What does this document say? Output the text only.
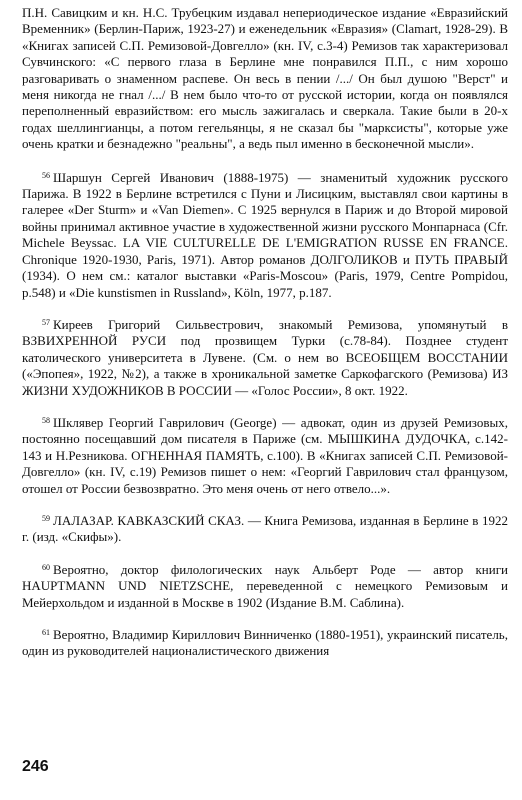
П.Н. Савицким и кн. Н.С. Трубецким издавал непериодическое издание «Евразийский Временник» (Берлин-Париж, 1923-27) и еженедельник «Евразия» (Clamart, 1928-29). В «Книгах записей С.П. Ремизовой-Довгелло» (кн. IV, с.3-4) Ремизов так характеризовал Сувчинского: «С первого глаза в Берлине мне понравился П.П., с ним хорошо разговаривать о знаменном распеве. Он весь в пении /.../ Он был душою "Верст" и меня никогда не гнал /.../ В нем было что-то от русской истории, когда он появлялся переполненный евразийством: его мысль зажигалась и сверкала. Такие были в 20-х годах шеллингианцы, а потом гегельянцы, я не сказал бы "марксисты", которые уже очень кратки и безнадежно "реальны", а ведь пыл именно в бесконечной мысли».

$^{56}$ Шаршун Сергей Иванович (1888-1975) — знаменитый художник русского Парижа. В 1922 в Берлине встретился с Пуни и Лисицким, выставлял свои картины в галерее «Der Sturm» и «Van Diemen». С 1925 вернулся в Париж и до Второй мировой войны принимал активное участие в художественной жизни русского Монпарнаса (Cfr. Michele Beyssac. LA VIE CULTURELLE DE L'EMIGRATION RUSSE EN FRANCE. Chronique 1920-1930, Paris, 1971). Автор романов ДОЛГОЛИКОВ и ПУТЬ ПРАВЫЙ (1934). О нем см.: каталог выставки «Paris-Moscou» (Paris, 1979, Centre Pompidou, p.548) и «Die kunstismen in Russland», Köln, 1977, p.187.

$^{57}$ Киреев Григорий Сильвестрович, знакомый Ремизова, упомянутый в ВЗВИХРЕННОЙ РУСИ под прозвищем Турки (с.78-84). Позднее студент католического университета в Лувене. (См. о нем во ВСЕОБЩЕМ ВОССТАНИИ («Эпопея», 1922, №2), а также в хроникальной заметке Саркофагского (Ремизова) ИЗ ЖИЗНИ ХУДОЖНИКОВ В РОССИИ — «Голос России», 8 окт. 1922.

$^{58}$ Шклявер Георгий Гаврилович (George) — адвокат, один из друзей Ремизовых, постоянно посещавший дом писателя в Париже (см. МЫШКИНА ДУДОЧКА, с.142-143 и Н.Резникова. ОГНЕННАЯ ПАМЯТЬ, с.100). В «Книгах записей С.П. Ремизовой-Довгелло» (кн. IV, с.19) Ремизов пишет о нем: «Георгий Гаврилович стал французом, отошел от России безвозвратно. Это меня очень от него отвело...».

$^{59}$ ЛАЛАЗАР. КАВКАЗСКИЙ СКАЗ. — Книга Ремизова, изданная в Берлине в 1922 г. (изд. «Скифы»).

$^{60}$ Вероятно, доктор филологических наук Альберт Роде — автор книги HAUPTMANN UND NIETZSCHE, переведенной с немецкого Ремизовым и Мейерхольдом и изданной в Москве в 1902 (Издание В.М. Саблина).

$^{61}$ Вероятно, Владимир Кириллович Винниченко (1880-1951), украинский писатель, один из руководителей националистического движения

246
